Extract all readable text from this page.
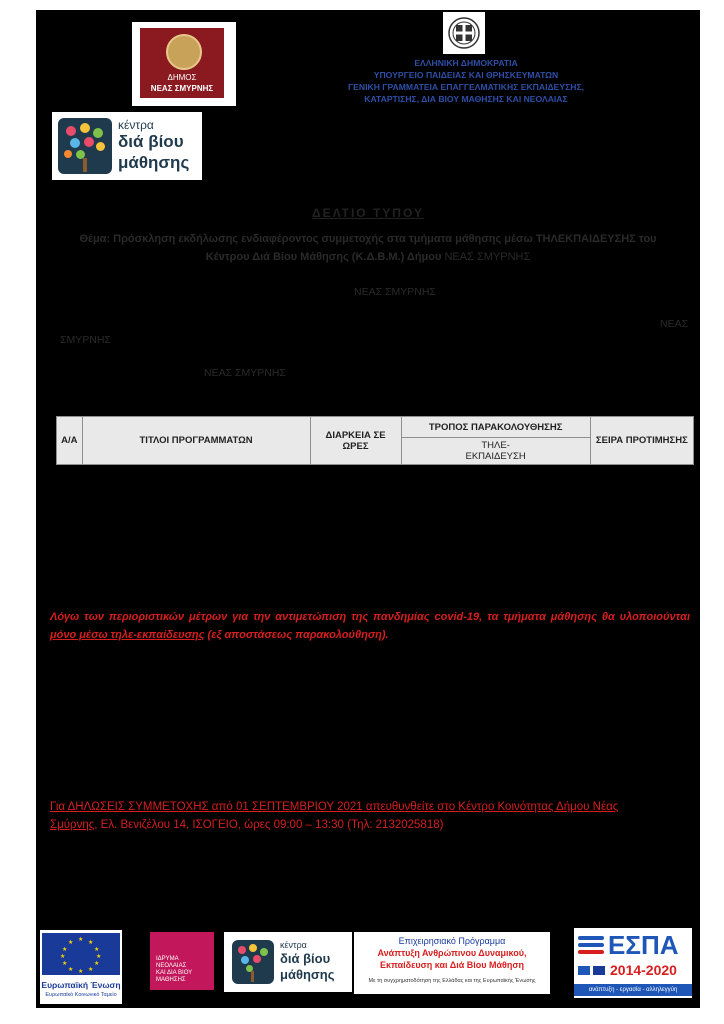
ΔΗΜΟΣ
ΝΕΑΣ ΣΜΥΡΝΗΣ
ΕΛΛΗΝΙΚΗ ΔΗΜΟΚΡΑΤΙΑ
ΥΠΟΥΡΓΕΙΟ ΠΑΙΔΕΙΑΣ ΚΑΙ ΘΡΗΣΚΕΥΜΑΤΩΝ
ΓΕΝΙΚΗ ΓΡΑΜΜΑΤΕΙΑ ΕΠΑΓΓΕΛΜΑΤΙΚΗΣ ΕΚΠΑΙΔΕΥΣΗΣ,
ΚΑΤΑΡΤΙΣΗΣ, ΔΙΑ ΒΙΟΥ ΜΑΘΗΣΗΣ ΚΑΙ ΝΕΟΛΑΙΑΣ
κέντρα
διά βίου
μάθησης
ΔΕΛΤΙΟ ΤΥΠΟΥ
Θέμα: Πρόσκληση εκδήλωσης ενδιαφέροντος συμμετοχής στα τμήματα μάθησης μέσω ΤΗΛΕΚΠΑΙΔΕΥΣΗΣ του
Κέντρου Διά Βίου Μάθησης (Κ.Δ.Β.Μ.) Δήμου ΝΕΑΣ ΣΜΥΡΝΗΣ
ΝΕΑΣ ΣΜΥΡΝΗΣ
ΝΕΑΣ
ΣΜΥΡΝΗΣ
ΝΕΑΣ ΣΜΥΡΝΗΣ
Α/Α	ΤΙΤΛΟΙ ΠΡΟΓΡΑΜΜΑΤΩΝ	ΔΙΑΡΚΕΙΑ ΣΕ ΩΡΕΣ	ΤΡΟΠΟΣ ΠΑΡΑΚΟΛΟΥΘΗΣΗΣ	ΣΕΙΡΑ ΠΡΟΤΙΜΗΣΗΣ

ΤΗΛΕ-
ΕΚΠΑΙΔΕΥΣΗ
Λόγω των περιοριστικών μέτρων για την αντιμετώπιση της πανδημίας covid-19, τα τμήματα μάθησης θα υλοποιούνται μόνο μέσω τηλε-εκπαίδευσης (εξ αποστάσεως παρακολούθηση).
Για ΔΗΛΩΣΕΙΣ ΣΥΜΜΕΤΟΧΗΣ από 01 ΣΕΠΤΕΜΒΡΙΟΥ 2021 απευθυνθείτε στο Κέντρο Κοινότητας Δήμου Νέας
Σμύρνης, Ελ. Βενιζέλου 14, ΙΣΟΓΕΙΟ, ώρες 09:00 – 13:30 (Τηλ: 2132025818)
★ ★
★
★
★
★
★
★
★
★
★
★
Ευρωπαϊκή Ένωση
Ευρωπαϊκό Κοινωνικό Ταμείο
ΙΔΡΥΜΑ
ΝΕΟΛΑΙΑΣ
ΚΑΙ ΔΙΑ ΒΙΟΥ
ΜΑΘΗΣΗΣ
κέντρα
διά βίου
μάθησης
Επιχειρησιακό Πρόγραμμα
Ανάπτυξη Ανθρώπινου Δυναμικού,
Εκπαίδευση και Διά Βίου Μάθηση
Με τη συγχρηματοδότηση της Ελλάδας και της Ευρωπαϊκής Ένωσης
ΕΣΠΑ
2014-2020
ανάπτυξη - εργασία - αλληλεγγύη
